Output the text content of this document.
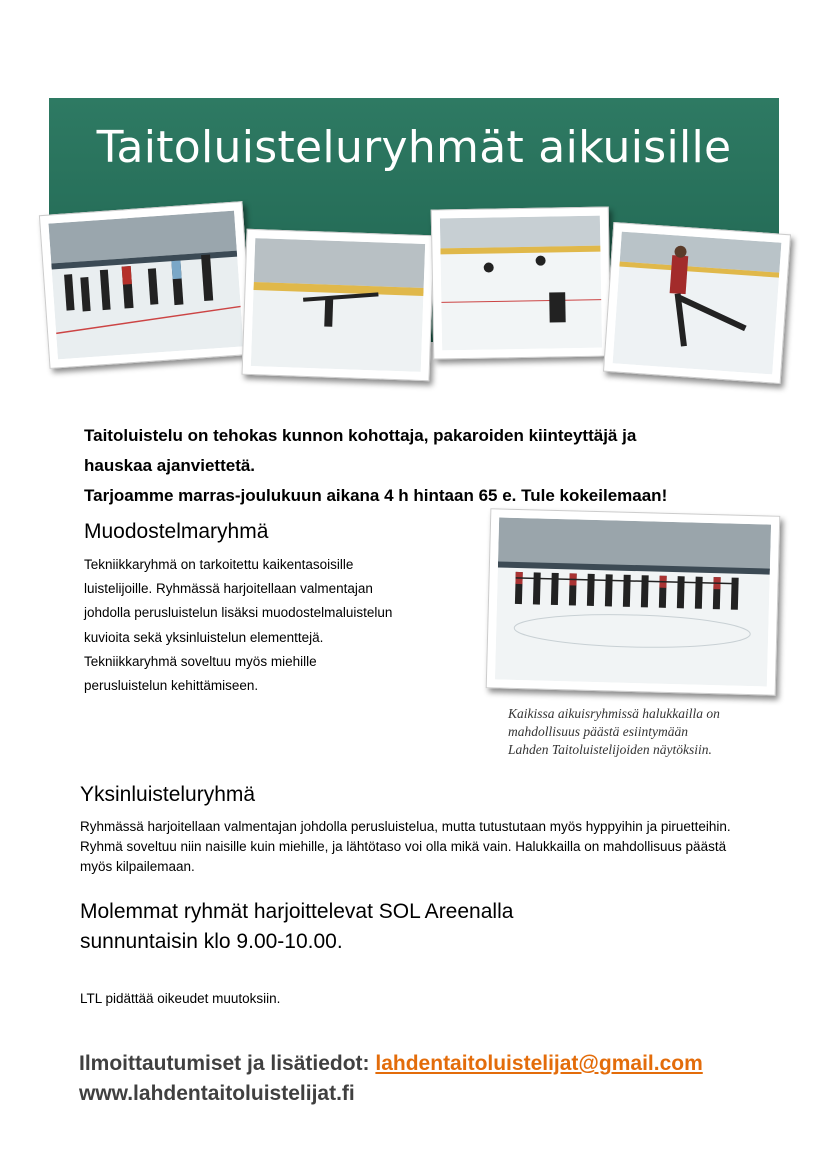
Taitoluisteluryhmät aikuisille

Taitoluistelu on tehokas kunnon kohottaja, pakaroiden kiinteyttäjä ja

hauskaa ajanviettetä.

Tarjoamme marras-joulukuun aikana 4 h hintaan 65 e. Tule kokeilemaan!

Muodostelmaryhmä
Tekniikkaryhmä on tarkoitettu kaikentasoisille
luistelijoille. Ryhmässä harjoitellaan valmentajan
johdolla perusluistelun lisäksi muodostelmaluistelun
kuvioita sekä yksinluistelun elementtejä.
Tekniikkaryhmä soveltuu myös miehille
perusluistelun kehittämiseen.
Kaikissa aikuisryhmissä halukkailla on
mahdollisuus päästä esiintymään
Lahden Taitoluistelijoiden näytöksiin.
Yksinluisteluryhmä
Ryhmässä harjoitellaan valmentajan johdolla perusluistelua, mutta tutustutaan myös hyppyihin ja piruetteihin.
Ryhmä soveltuu niin naisille kuin miehille, ja lähtötaso voi olla mikä vain. Halukkailla on mahdollisuus päästä
myös kilpailemaan.
Molemmat ryhmät harjoittelevat SOL Areenalla
sunnuntaisin klo 9.00-10.00.
LTL pidättää oikeudet muutoksiin.
Ilmoittautumiset ja lisätiedot: lahdentaitoluistelijat@gmail.com
www.lahdentaitoluistelijat.fi
